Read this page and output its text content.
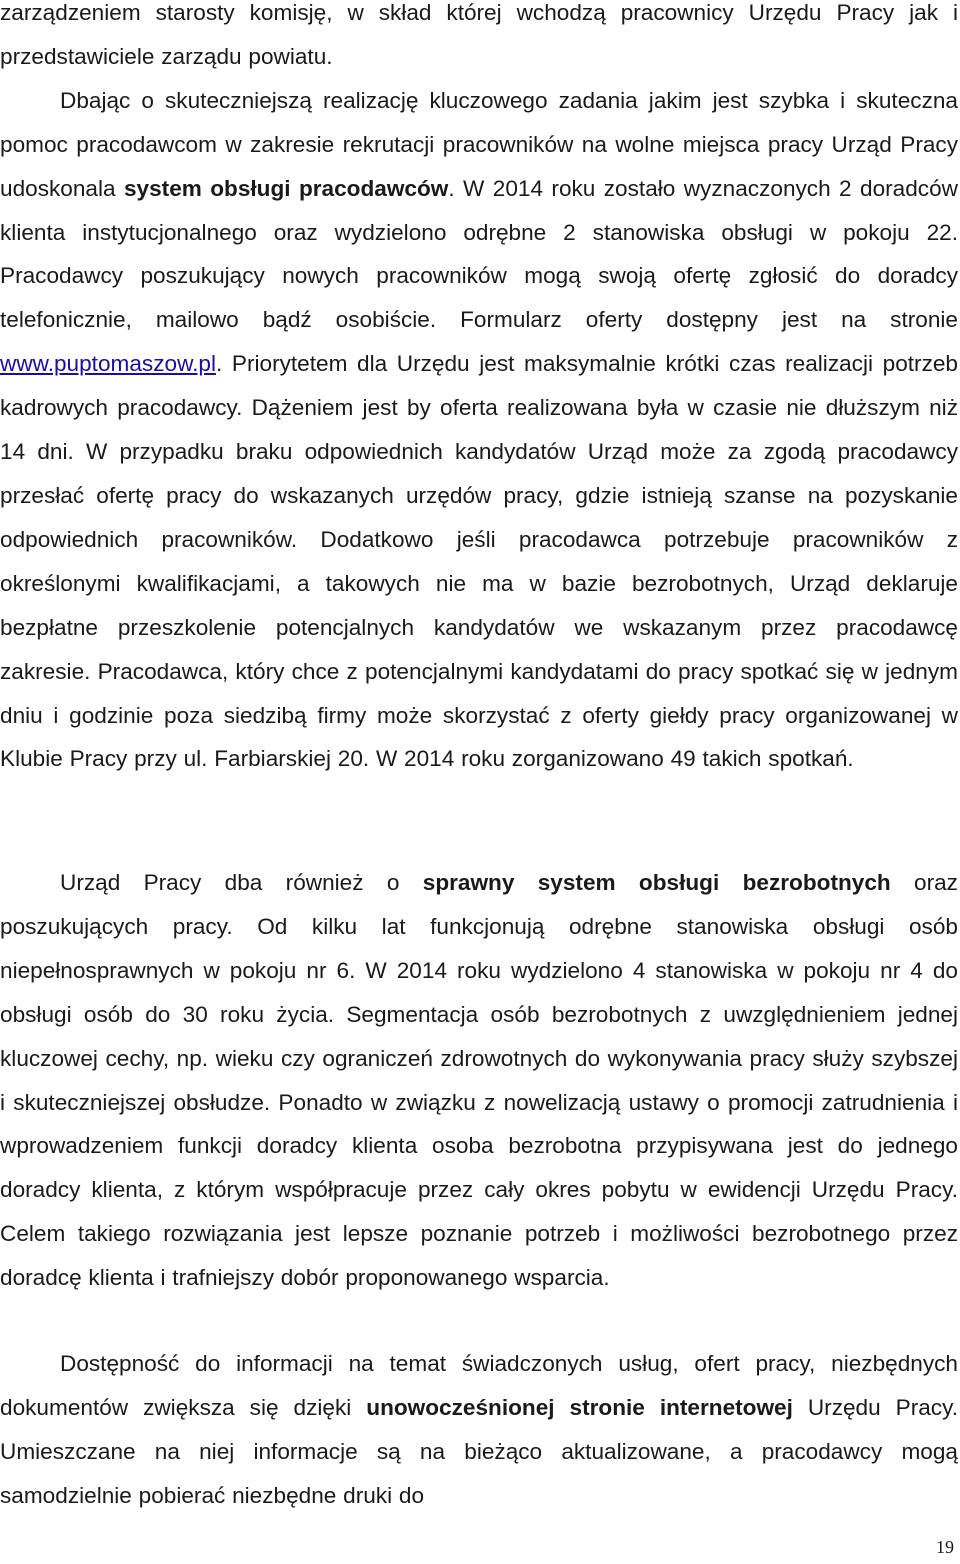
zarządzeniem starosty komisję, w skład której wchodzą pracownicy Urzędu Pracy jak i przedstawiciele zarządu powiatu.
Dbając o skuteczniejszą realizację kluczowego zadania jakim jest szybka i skuteczna pomoc pracodawcom w zakresie rekrutacji pracowników na wolne miejsca pracy Urząd Pracy udoskonala system obsługi pracodawców. W 2014 roku zostało wyznaczonych 2 doradców klienta instytucjonalnego oraz wydzielono odrębne 2 stanowiska obsługi w pokoju 22. Pracodawcy poszukujący nowych pracowników mogą swoją ofertę zgłosić do doradcy telefonicznie, mailowo bądź osobiście. Formularz oferty dostępny jest na stronie www.puptomaszow.pl. Priorytetem dla Urzędu jest maksymalnie krótki czas realizacji potrzeb kadrowych pracodawcy. Dążeniem jest by oferta realizowana była w czasie nie dłuższym niż 14 dni. W przypadku braku odpowiednich kandydatów Urząd może za zgodą pracodawcy przesłać ofertę pracy do wskazanych urzędów pracy, gdzie istnieją szanse na pozyskanie odpowiednich pracowników. Dodatkowo jeśli pracodawca potrzebuje pracowników z określonymi kwalifikacjami, a takowych nie ma w bazie bezrobotnych, Urząd deklaruje bezpłatne przeszkolenie potencjalnych kandydatów we wskazanym przez pracodawcę zakresie. Pracodawca, który chce z potencjalnymi kandydatami do pracy spotkać się w jednym dniu i godzinie poza siedzibą firmy może skorzystać z oferty giełdy pracy organizowanej w Klubie Pracy przy ul. Farbiarskiej 20. W 2014 roku zorganizowano 49 takich spotkań.

Urząd Pracy dba również o sprawny system obsługi bezrobotnych oraz poszukujących pracy. Od kilku lat funkcjonują odrębne stanowiska obsługi osób niepełnosprawnych w pokoju nr 6. W 2014 roku wydzielono 4 stanowiska w pokoju nr 4 do obsługi osób do 30 roku życia. Segmentacja osób bezrobotnych z uwzględnieniem jednej kluczowej cechy, np. wieku czy ograniczeń zdrowotnych do wykonywania pracy służy szybszej i skuteczniejszej obsłudze. Ponadto w związku z nowelizacją ustawy o promocji zatrudnienia i wprowadzeniem funkcji doradcy klienta osoba bezrobotna przypisywana jest do jednego doradcy klienta, z którym współpracuje przez cały okres pobytu w ewidencji Urzędu Pracy. Celem takiego rozwiązania jest lepsze poznanie potrzeb i możliwości bezrobotnego przez doradcę klienta i trafniejszy dobór proponowanego wsparcia.

Dostępność do informacji na temat świadczonych usług, ofert pracy, niezbędnych dokumentów zwiększa się dzięki unowocześnionej stronie internetowej Urzędu Pracy. Umieszczane na niej informacje są na bieżąco aktualizowane, a pracodawcy mogą samodzielnie pobierać niezbędne druki do

19
